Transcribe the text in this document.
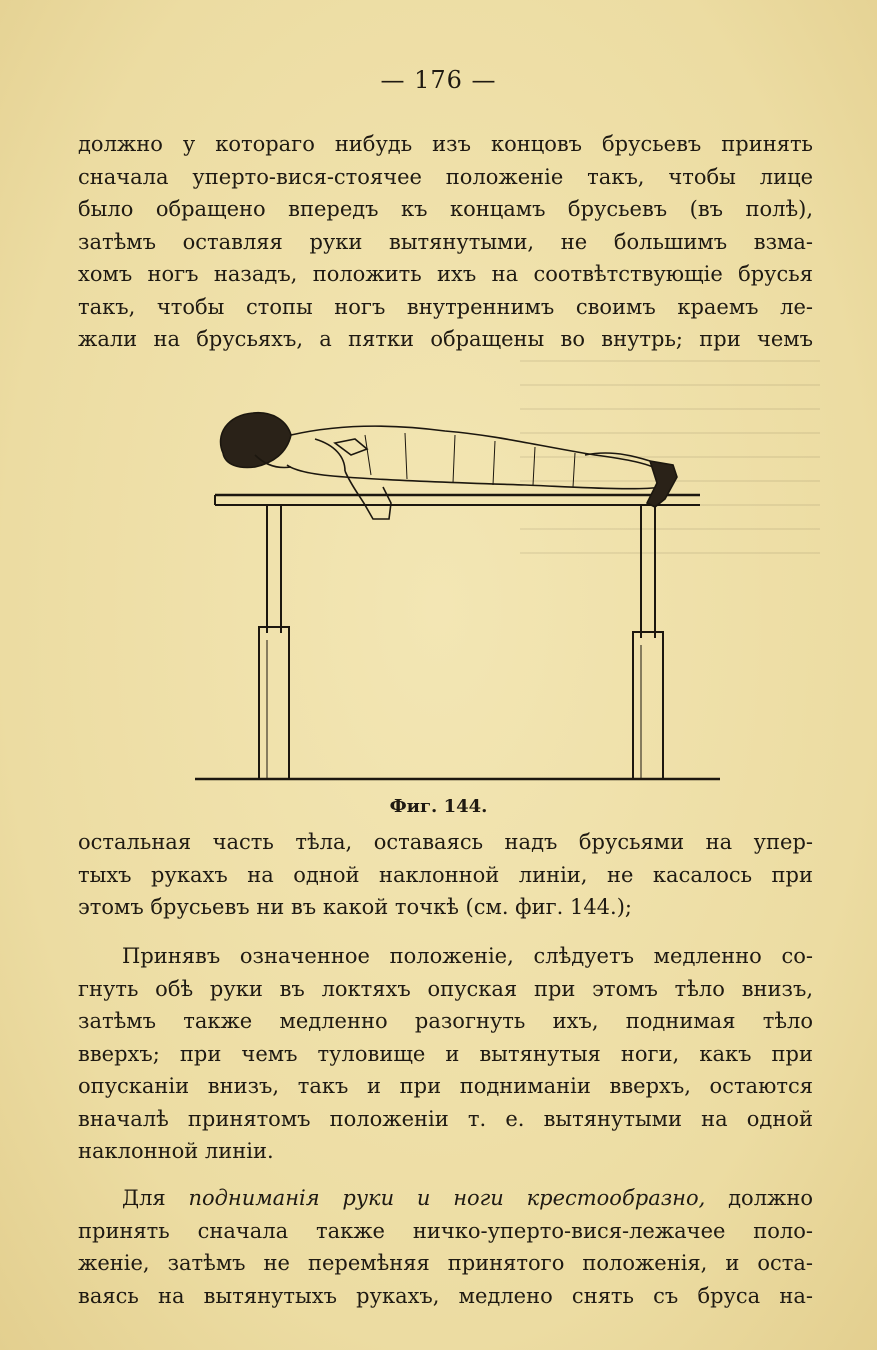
— 176 —
должно у котораго нибудь изъ концовъ брусьевъ принять
сначала уперто-вися-стоячее положенiе такъ, чтобы лице
было обращено впередъ къ концамъ брусьевъ (въ полѣ),
затѣмъ оставляя руки вытянутыми, не большимъ взма-
хомъ ногъ назадъ, положить ихъ на соотвѣтствующiе брусья
такъ, чтобы стопы ногъ внутреннимъ своимъ краемъ ле-
жали на брусьяхъ, а пятки обращены во внутрь; при чемъ
Фиг. 144.
остальная часть тѣла, оставаясь надъ брусьями на упер-
тыхъ рукахъ на одной наклонной линiи, не касалось при
этомъ брусьевъ ни въ какой точкѣ (см. фиг. 144.);
Принявъ означенное положенiе, слѣдуетъ медленно со-
гнуть обѣ руки въ локтяхъ опуская при этомъ тѣло внизъ,
затѣмъ также медленно разогнуть ихъ, поднимая тѣло
вверхъ; при чемъ туловище и вытянутыя ноги, какъ при
опусканiи внизъ, такъ и при подниманiи вверхъ, остаются
вначалѣ принятомъ положенiи т. е. вытянутыми на одной
наклонной линiи.
Для подниманiя руки и ноги крестообразно, должно
принять сначала также ничко-уперто-вися-лежачее поло-
женiе, затѣмъ не перемѣняя принятого положенiя, и оста-
ваясь на вытянутыхъ рукахъ, медлено снять съ бруса на-
